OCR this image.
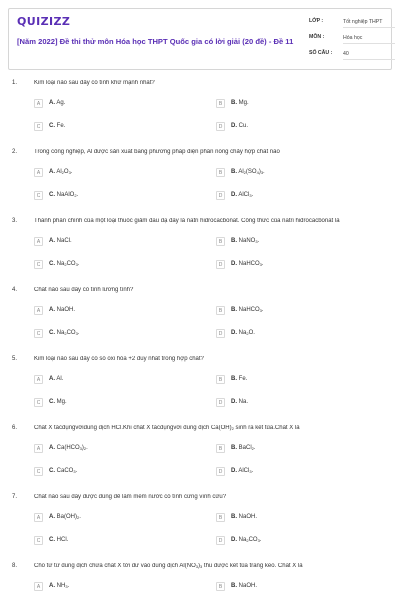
QUIZIZZ
[Năm 2022] Đề thi thử môn Hóa học THPT Quốc gia có lời giải (20 đề) - Đề 11
LỚP :	Tốt nghiệp THPT
MÔN :	Hóa học
SỐ CÂU : 40
1.	Kim loại nào sau đây có tính khử mạnh nhất?
A	A. Ag.	B	B. Mg.
C	C. Fe.	D	D. Cu.
2.	Trong công nghiệp, Al được sản xuất bằng phương pháp điện phân nóng chảy hợp chất nào
A	A. $Al_2O_3$.	B	B. $Al_2(SO_4)_3$.
C	C. NaAlO$_2$.	D	D. AlCl$_3$.
3.	Thành phần chính của một loại thuốc giảm đau dạ dày là natri hidrocacbonat. Công thức của natri hidrocacbonat là
A	A. NaCl.	B	B. NaNO$_3$.
C	C. $Na_2CO_3$.	D	D. NaHCO$_3$.
4.	Chất nào sau đây có tính lưỡng tính?
A	A. NaOH.	B	B. NaHCO$_3$.
C	C. $Na_2CO_3$.	D	D. $Na_2O$.
5.	Kim loại nào sau đây có số oxi hóa +2 duy nhất trong hợp chất?
A	A. Al.	B	B. Fe.
C	C. Mg.	D	D. Na.
6.	Chất X tácdụngvớidung dịch HCl.Khi chất X tácdụngvới dung dịch $Ca(OH)_2$ sinh ra kết tủa.Chất X là
A	A. $Ca(HCO_3)_2$.	B	B. BaCl$_2$.
C	C. CaCO$_3$.	D	D. AlCl$_3$.
7.	Chất nào sau đây được dùng để làm mềm nước có tính cứng vĩnh cửu?
A	A. $Ba(OH)_2$.	B	B. NaOH.
C	C. HCl.	D	D. $Na_2CO_3$.
8.	Cho từ từ dung dịch chứa chất X tới dư vào dung dịch $Al(NO_3)_3$ thu được kết tủa trắng keo. Chất X là
A	A. $NH_3$.	B	B. NaOH.
